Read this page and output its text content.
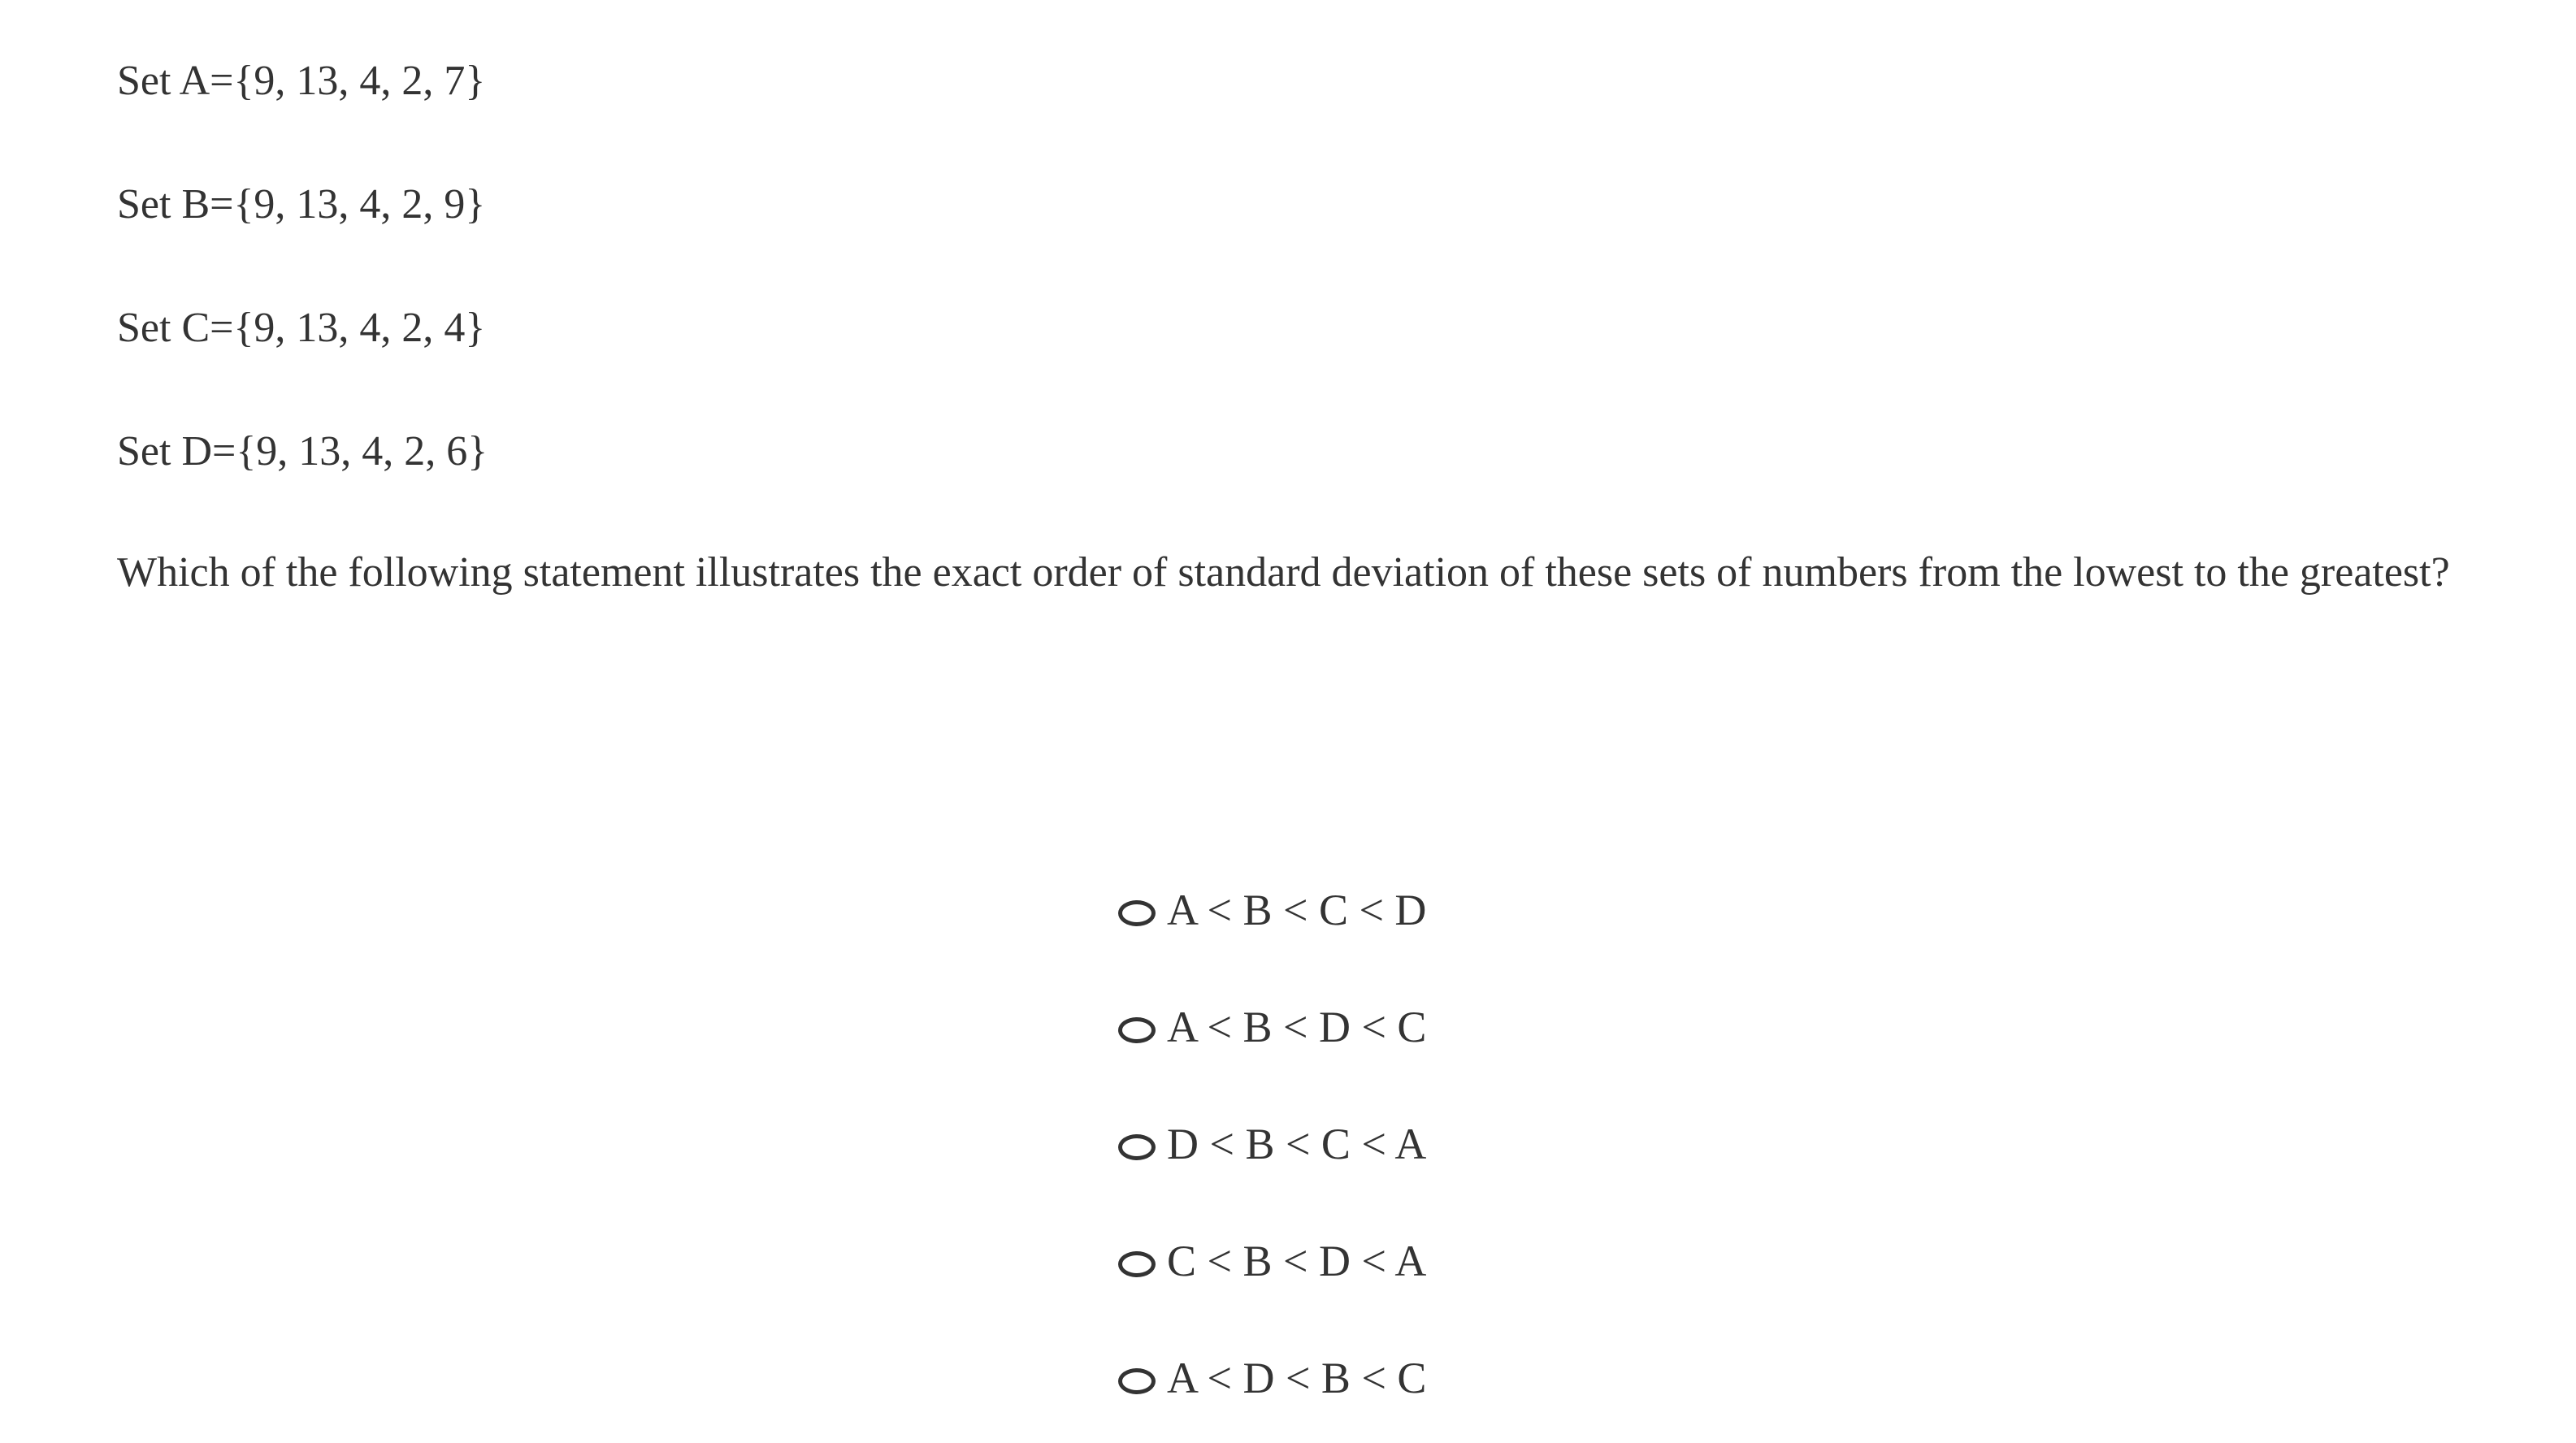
Set A={9, 13, 4, 2, 7}

Set B={9, 13, 4, 2, 9}

Set C={9, 13, 4, 2, 4}

Set D={9, 13, 4, 2, 6}

Which of the following statement illustrates the exact order of standard deviation of these sets of numbers from the lowest to the greatest?

A < B < C < D
A < B < D < C
D < B < C < A
C < B < D < A
A < D < B < C
